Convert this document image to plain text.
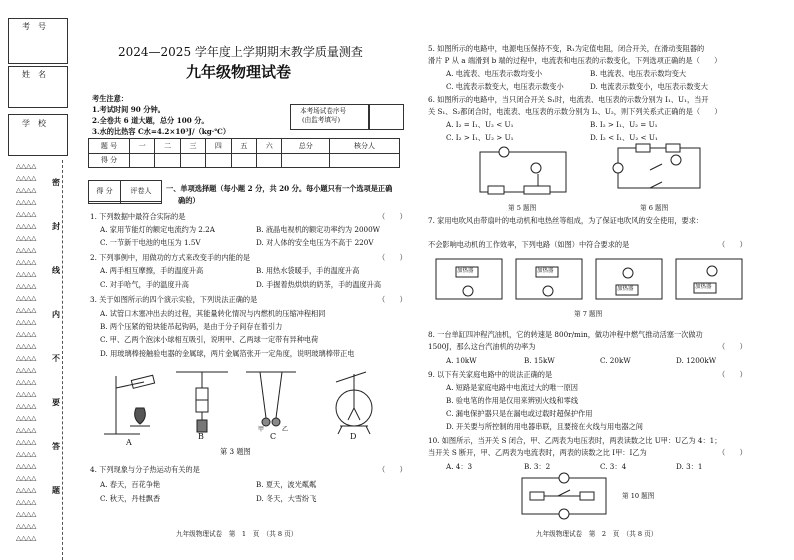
考　号
姓　名
学　校
△△△△
△△△△
△△△△
△△△△
△△△△
△△△△
△△△△
△△△△
△△△△
△△△△
△△△△
△△△△
△△△△
△△△△
△△△△
△△△△
△△△△
△△△△
△△△△
△△△△
△△△△
△△△△
△△△△
△△△△
△△△△
△△△△
△△△△
△△△△
△△△△
△△△△
△△△△
△△△△
密
封
线
内
不
要
答
题
2024—2025 学年度上学期期末教学质量测查
九年级物理试卷
考生注意：
1.考试时间 90 分钟。
2.全卷共 6 道大题，总分 100 分。
3.水的比热容 C水=4.2×10³J/（kg·℃）
本考场试卷序号
(由监考填写)
题 号	一	二	三	四	五	六	总分	核分人
得 分								
得 分	评卷人
	一、单项选择题（每小题 2 分，共 20 分。每小题只有一个选项是正确
确的）
1. 下列数据中最符合实际的是	（　　）
A. 家用节能灯的额定电流约为 2.2A	B. 液晶电视机的额定功率约为 2000W
C. 一节新干电池的电压为 1.5V	D. 对人体的安全电压为不高于 220V
2. 下列事例中，用做功的方式来改变手的内能的是	（　　）
A. 两手相互摩擦，手的温度升高	B. 用热水袋暖手，手的温度升高
C. 对手哈气，手的温度升高	D. 手握着热烘烘的奶茶，手的温度升高
3. 关于如图所示的四个演示实验，下列说法正确的是	（　　）
A. 试管口木塞冲出去的过程，其能量转化情况与内燃机的压缩冲程相同
B. 两个压紧的铅块能吊起钩码，是由于分子间存在着引力
C. 甲、乙两个泡沫小球相互吸引，说明甲、乙两球一定带有异种电荷
D. 用玻璃棒接触验电器的金属球，两片金属箔张开一定角度，说明玻璃棒带正电
A
B
甲	乙
C	D
第 3 题图
4. 下列现象与分子热运动有关的是	（　　）
A. 春天，百花争艳	B. 夏天，波光粼粼
C. 秋天，丹桂飘香	D. 冬天，大雪纷飞
九年级物理试卷　第　1　页　（共 8 页）
5. 如图所示的电路中，电源电压保持不变，R₁为定值电阻，闭合开关，在滑动变阻器的
滑片 P 从 a 端滑到 b 端的过程中，电流表和电压表的示数变化，下列选项正确的是（　　）
A. 电流表、电压表示数均变小	B. 电流表、电压表示数均变大
C. 电流表示数变大，电压表示数变小	D. 电流表示数变小，电压表示数变大
6. 如图所示的电路中，当只闭合开关 S₁时，电流表、电压表的示数分别为 I₁、U₁，当开
关 S₁、S₂都闭合时，电流表、电压表的示数分别为 I₂、U₂，则下列关系式正确的是（　　）
A. I₂ = I₁、U₂ < U₁	B. I₂ > I₁、U₂ = U₁
C. I₂ > I₁、U₂ > U₁	D. I₂ < I₁、U₂ < U₁
第 5 题图	第 6 题图
7. 家用电吹风由带扇叶的电动机和电热丝等组成，为了保证电吹风的安全使用，要求：
不会影响电动机的工作效率，下列电路（如图）中符合要求的是	（　　）
加热器	加热器
加热器	加热器
第 7 题图
8. 一台单缸四冲程汽油机，它的转速是 800r/min，做功冲程中燃气推动活塞一次做功
1500J，那么这台汽油机的功率为	（　　）
A. 10kW	B. 15kW	C. 20kW	D. 1200kW
9. 以下有关家庭电路中的说法正确的是	（　　）
A. 短路是家庭电路中电流过大的唯一原因
B. 验电笔的作用是仅用来辨别火线和零线
C. 漏电保护器只是在漏电或过载时超保护作用
D. 开关要与所控制的用电器串联，且要接在火线与用电器之间
10. 如图所示，当开关 S 闭合，甲、乙两表为电压表时，两表读数之比 U甲：U乙为 4：1；
当开关 S 断开，甲、乙两表为电流表时，两表的读数之比 I甲：I乙为	（　　）
A. 4：3	B. 3：2	C. 3：4	D. 3：1
第 10 题图
九年级物理试卷　第　2　页　（共 8 页）
